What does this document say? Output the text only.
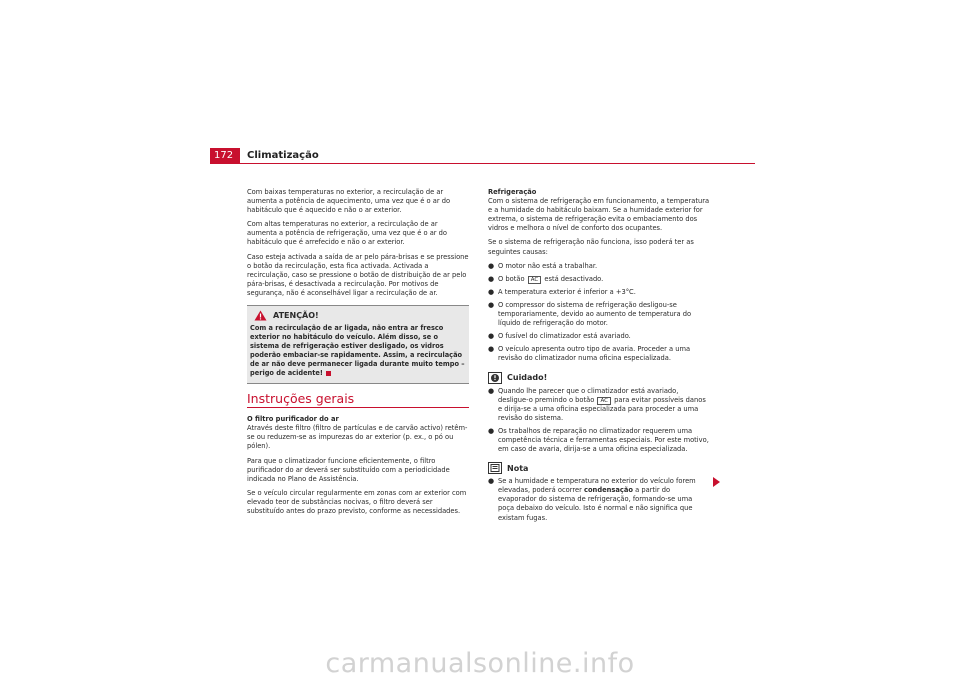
172	Climatização

Com baixas temperaturas no exterior, a recirculação de ar aumenta a potência de aquecimento, uma vez que é o ar do habitáculo que é aquecido e não o ar exterior.

Com altas temperaturas no exterior, a recirculação de ar aumenta a potência de refrigeração, uma vez que é o ar do habitáculo que é arrefecido e não o ar exterior.

Caso esteja activada a saída de ar pelo pára-brisas e se pressione o botão da recirculação, esta fica activada. Activada a recirculação, caso se pressione o botão de distribuição de ar pelo pára-brisas, é desactivada a recirculação. Por motivos de segurança, não é aconselhável ligar a recirculação de ar.

ATENÇÃO!
Com a recirculação de ar ligada, não entra ar fresco exterior no habitáculo do veículo. Além disso, se o sistema de refrigeração estiver desligado, os vidros poderão embaciar-se rapidamente. Assim, a recirculação de ar não deve permanecer ligada durante muito tempo – perigo de acidente!
Instruções gerais

O filtro purificador do ar

Através deste filtro (filtro de partículas e de carvão activo) retêm-se ou reduzem-se as impurezas do ar exterior (p. ex., o pó ou pólen).

Para que o climatizador funcione eficientemente, o filtro purificador do ar deverá ser substituído com a periodicidade indicada no Plano de Assistência.

Se o veículo circular regularmente em zonas com ar exterior com elevado teor de substâncias nocivas, o filtro deverá ser substituído antes do prazo previsto, conforme as necessidades.

Refrigeração

Com o sistema de refrigeração em funcionamento, a temperatura e a humidade do habitáculo baixam. Se a humidade exterior for extrema, o sistema de refrigeração evita o embaciamento dos vidros e melhora o nível de conforto dos ocupantes.

Se o sistema de refrigeração não funciona, isso poderá ter as seguintes causas:

● O motor não está a trabalhar.
● O botão AC está desactivado.
● A temperatura exterior é inferior a +3°C.
● O compressor do sistema de refrigeração desligou-se temporariamente, devido ao aumento de temperatura do líquido de refrigeração do motor.
● O fusível do climatizador está avariado.
● O veículo apresenta outro tipo de avaria. Proceder a uma revisão do climatizador numa oficina especializada.
Cuidado!
● Quando lhe parecer que o climatizador está avariado, desligue-o premindo o botão AC para evitar possíveis danos e dirija-se a uma oficina especializada para proceder a uma revisão do sistema.
● Os trabalhos de reparação no climatizador requerem uma competência técnica e ferramentas especiais. Por este motivo, em caso de avaria, dirija-se a uma oficina especializada.
Nota
● Se a humidade e temperatura no exterior do veículo forem elevadas, poderá ocorrer condensação a partir do evaporador do sistema de refrigeração, formando-se uma poça debaixo do veículo. Isto é normal e não significa que existam fugas.
carmanualsonline.info
